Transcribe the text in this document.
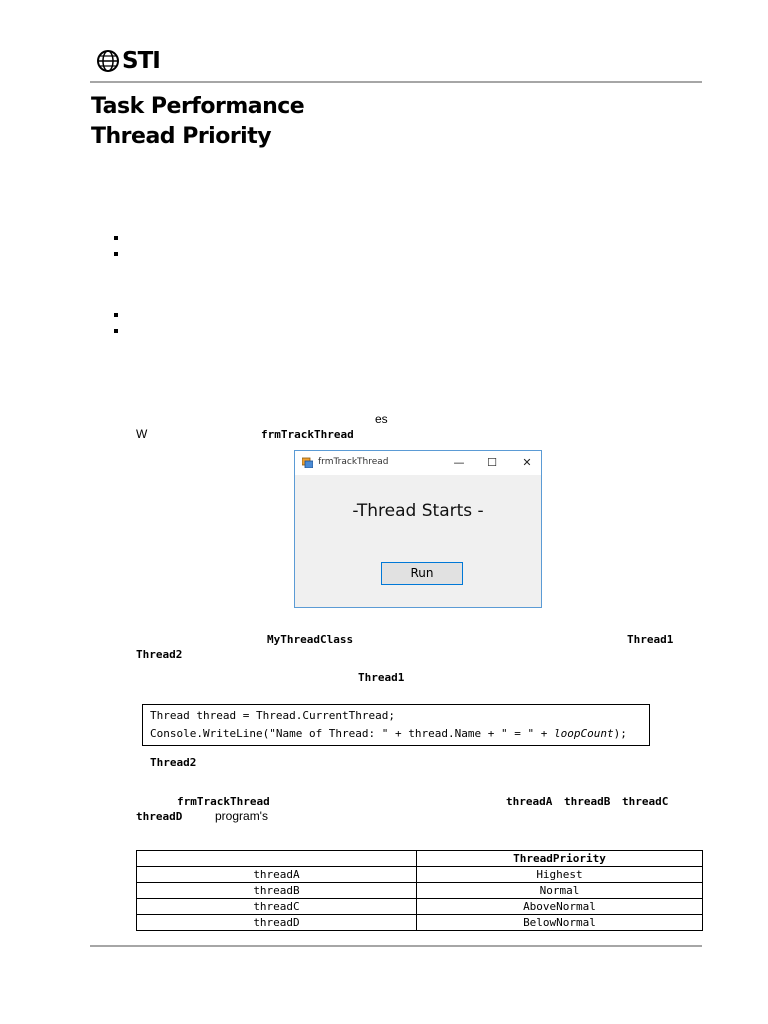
STI
Task Performance
Thread Priority
es
W	frmTrackThread
frmTrackThread	—	☐	✕
-Thread Starts -
Run
MyThreadClass	Thread1
Thread2
Thread1
Thread thread = Thread.CurrentThread;
Console.WriteLine("Name of Thread: " + thread.Name + " = " + loopCount);
Thread2
frmTrackThread	threadA threadB threadC
threadD	program's
	ThreadPriority
threadA	Highest
threadB	Normal
threadC	AboveNormal
threadD	BelowNormal
